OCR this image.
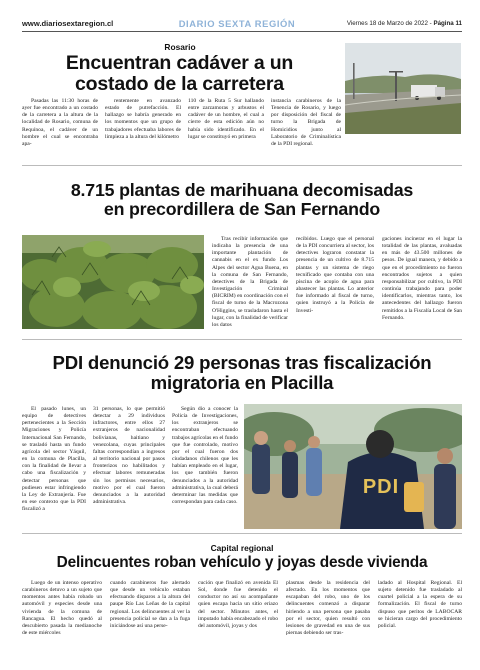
www.diariosextaregion.cl	DIARIO SEXTA REGIÓN	Viernes 18 de Marzo de 2022 - Página 11
Rosario
Encuentran cadáver a un
costado de la carretera

Pasadas las 11:30 horas de ayer fue encontrado a un costado de la carretera a la altura de la localidad de Rosario, comuna de Requínoa, el cadáver de un hombre el cual se encontraba apa-

rentemente en avanzado estado de putrefacción. El hallazgo se habría generado en los momentos que un grupo de trabajadores efectuaba labores de limpieza a la altura del kilómetro

110 de la Ruta 5 Sur hallando entre zarzamoras y arbustos el cadáver de un hombre, el cual a cierre de esta edición aún no había sido identificado. En el lugar se constituyó en primera

instancia carabineros de la Tenencia de Rosario, y luego por disposición del fiscal de turno la Brigada de Homicidios junto al Laboratorio de Criminalística de la PDI regional.

8.715 plantas de marihuana decomisadas
en precordillera de San Fernando

Tras recibir información que indicaba la presencia de una importante plantación de cannabis en el ex fundo Los Alpes del sector Agua Buena, en la comuna de San Fernando, detectives de la Brigada de Investigación Criminal (BICRIM) en coordinación con el fiscal de turno de la Macrozona O'Higgins, se trasladaron hasta el lugar, con la finalidad de verificar los datos

recibidos. Luego que el personal de la PDI concurriera al sector, los detectives lograron constatar la presencia de un cultivo de 8.715 plantas y un sistema de riego tecnificado que contaba con una piscina de acopio de agua para abastecer las plantas. Lo anterior fue informado al fiscal de turno, quien instruyó a la Policía de Investi-

gaciones incinerar en el lugar la totalidad de las plantas, avaluadas en más de 43.500 millones de pesos. De igual manera, y debido a que en el procedimiento no fueron encontrados sujetos a quien responsabilizar por cultivo, la PDI continúa trabajando para poder identificarlos, mientras tanto, los antecedentes del hallazgo fueron remitidos a la Fiscalía Local de San Fernando.

PDI denunció 29 personas tras fiscalización
migratoria en Placilla

El pasado lunes, un equipo de detectives pertenecientes a la Sección Migraciones y Policía Internacional San Fernando, se trasladó hasta un fundo agrícola del sector Yáquil, en la comuna de Placilla, con la finalidad de llevar a cabo una fiscalización y detectar personas que pudiesen estar infringiendo la Ley de Extranjería. Fue en ese contexto que la PDI fiscalizó a

31 personas, lo que permitió detectar a 29 individuos infractores, entre ellos 27 extranjeros de nacionalidad bolivianas, haitiano y venezolana, cuyas principales faltas correspondían a ingresos al territorio nacional por pasos fronterizos no habilitados y efectuar labores remuneradas sin los permisos necesarios, motivo por el cual fueron denunciados a la autoridad administrativa.

Según dio a conocer la Policía de Investigaciones, los extranjeros se encontraban efectuando trabajos agrícolas en el fundo que fue controlado, motivo por el cual fueron dos ciudadanos chilenos que les habían empleado en el lugar, los que también fueron denunciados a la autoridad administrativa, la cual deberá determinar las medidas que correspondan para cada caso.

PDI
Capital regional
Delincuentes roban vehículo y joyas desde vivienda

Luego de un intenso operativo carabineros detuvo a un sujeto que momentos antes había robado un automóvil y especies desde una vivienda de la comuna de Rancagua. El hecho quedó al descubierto pasada la medianoche de este miércoles

cuando carabineros fue alertado que desde un vehículo estaban efectuando disparos a la altura del paupe Río Las Leñas de la capital regional. Los delincuentes al ver la presencia policial se dan a la fuga iniciándose así una perse-

cución que finalizó en avenida El Sol, donde fue detenido el conductor no así su acompañante quien escapa hacia un sitio eriazo del sector. Minutos antes, el imputado había encabezado el robo del automóvil, joyas y dos

plasmas desde la residencia del afectado. En los momentos que escapaban del robo, uno de los delincuentes comenzó a disparar hiriendo a una persona que pasaba por el sector, quien resultó con lesiones de gravedad en una de sus piernas debiendo ser tras-

ladado al Hospital Regional. El sujeto detenido fue trasladado al cuartel policial a la espera de su formalización. El fiscal de turno dispuso que peritos de LABOCAR se hicieran cargo del procedimiento policial.
